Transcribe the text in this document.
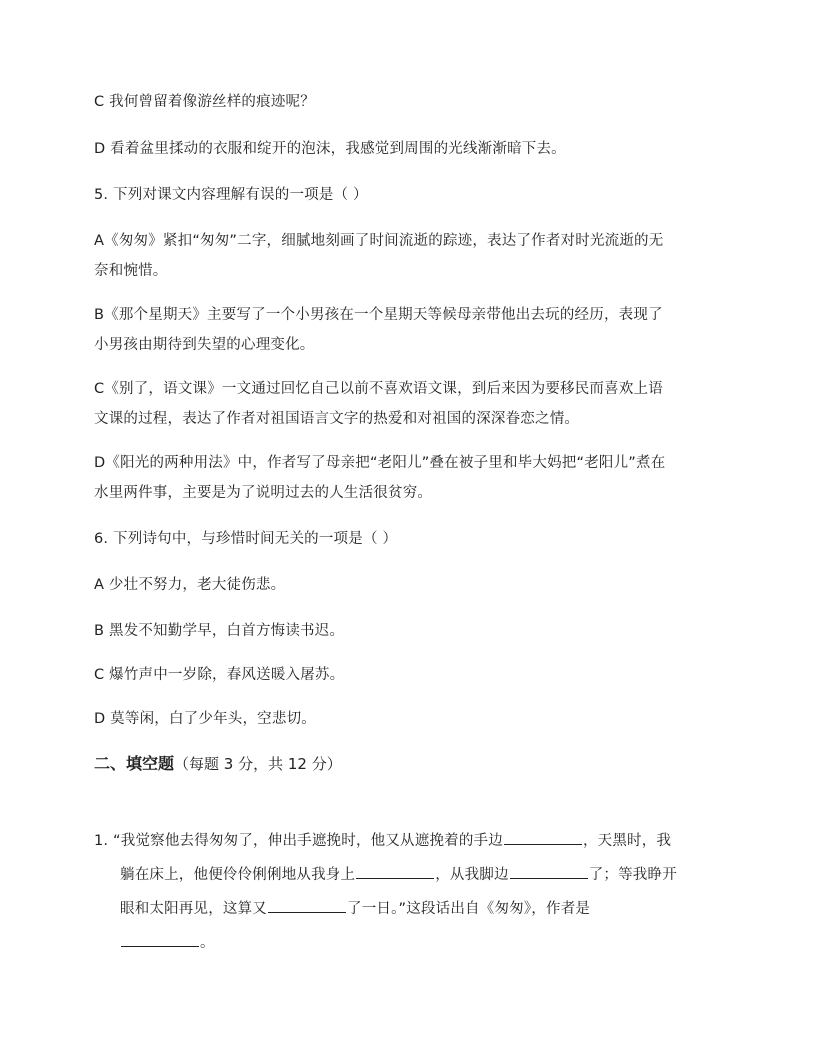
C 我何曾留着像游丝样的痕迹呢？
D 看着盆里揉动的衣服和绽开的泡沫，我感觉到周围的光线渐渐暗下去。
5. 下列对课文内容理解有误的一项是（ ）
A《匆匆》紧扣“匆匆”二字，细腻地刻画了时间流逝的踪迹，表达了作者对时光流逝的无
奈和惋惜。
B《那个星期天》主要写了一个小男孩在一个星期天等候母亲带他出去玩的经历，表现了
小男孩由期待到失望的心理变化。
C《别了，语文课》一文通过回忆自己以前不喜欢语文课，到后来因为要移民而喜欢上语
文课的过程，表达了作者对祖国语言文字的热爱和对祖国的深深眷恋之情。
D《阳光的两种用法》中，作者写了母亲把“老阳儿”叠在被子里和毕大妈把“老阳儿”煮在
水里两件事，主要是为了说明过去的人生活很贫穷。
6. 下列诗句中，与珍惜时间无关的一项是（ ）
A 少壮不努力，老大徒伤悲。
B 黑发不知勤学早，白首方悔读书迟。
C 爆竹声中一岁除，春风送暖入屠苏。
D 莫等闲，白了少年头，空悲切。
二、填空题（每题 3 分，共 12 分）
1. “我觉察他去得匆匆了，伸出手遮挽时，他又从遮挽着的手边	，天黑时，我
躺在床上，他便伶伶俐俐地从我身上	，从我脚边	了；等我睁开
眼和太阳再见，这算又	了一日。”这段话出自《匆匆》，作者是
。
